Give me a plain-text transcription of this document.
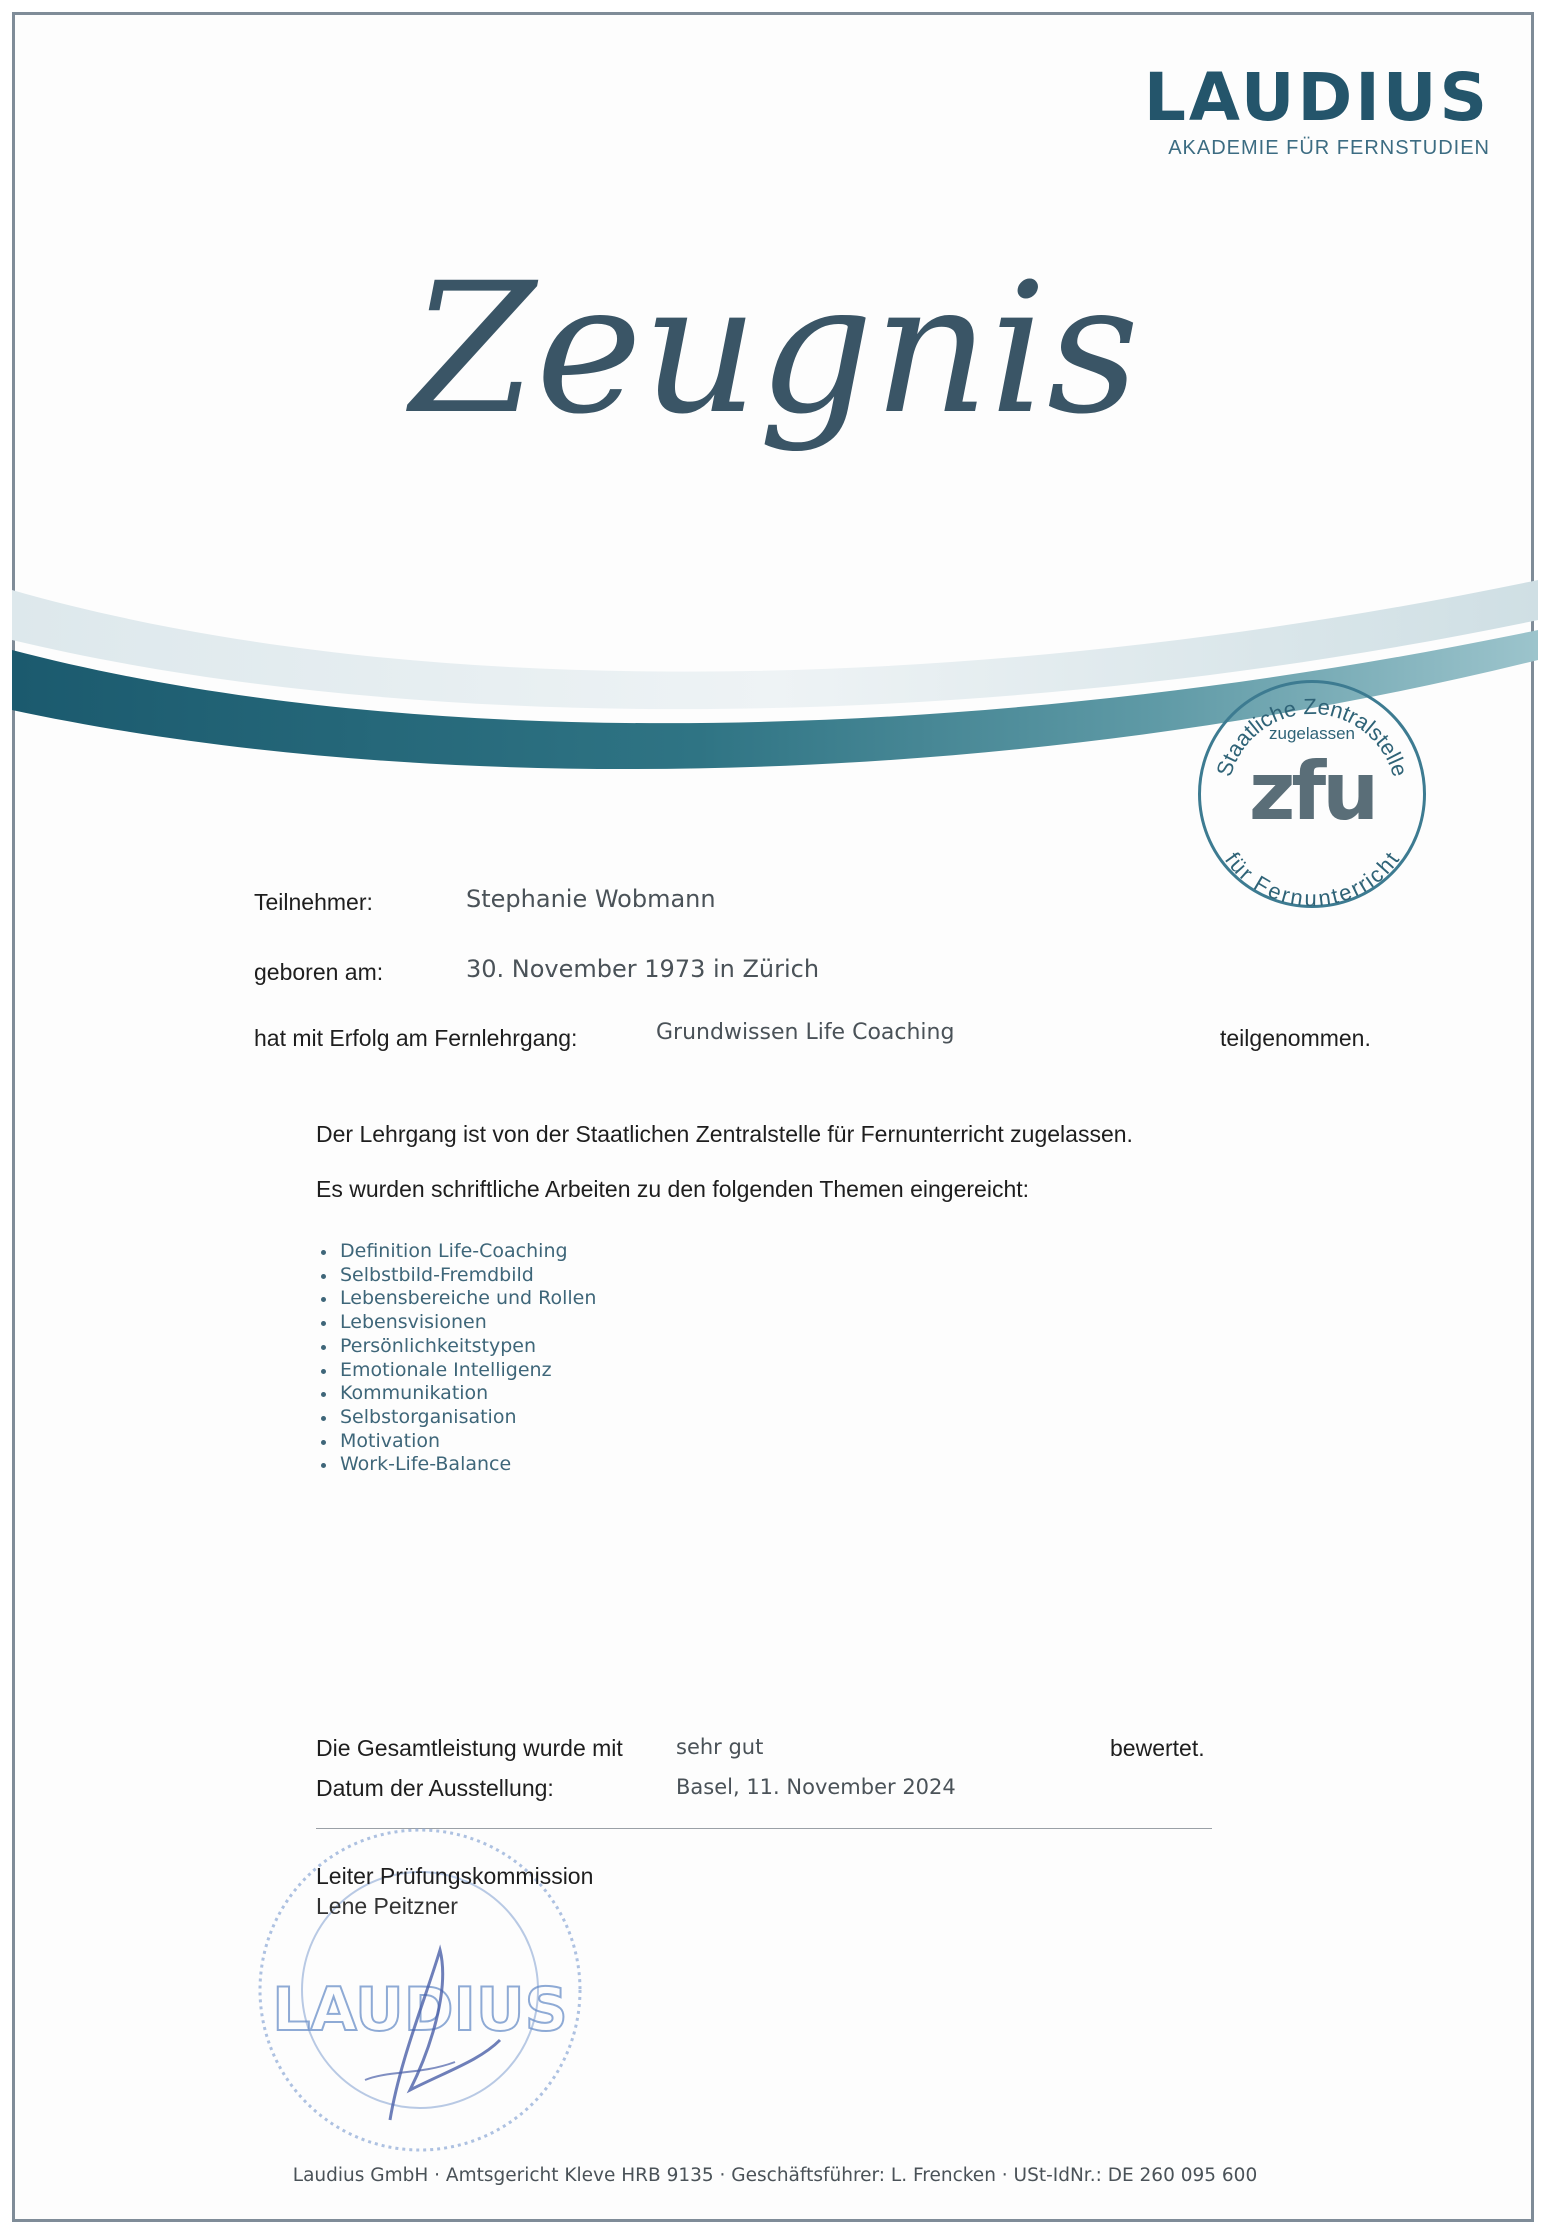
LAUDIUS
AKADEMIE FÜR FERNSTUDIEN
Zeugnis
Staatliche Zentralstelle
für Fernunterricht
zugelassen
zfu
Teilnehmer:	Stephanie Wobmann
geboren am:	30. November 1973 in Zürich
hat mit Erfolg am Fernlehrgang:	Grundwissen Life Coaching	teilgenommen.
Der Lehrgang ist von der Staatlichen Zentralstelle für Fernunterricht zugelassen.
Es wurden schriftliche Arbeiten zu den folgenden Themen eingereicht:
Definition Life-Coaching
Selbstbild-Fremdbild
Lebensbereiche und Rollen
Lebensvisionen
Persönlichkeitstypen
Emotionale Intelligenz
Kommunikation
Selbstorganisation
Motivation
Work-Life-Balance
Die Gesamtleistung wurde mit	sehr gut	bewertet.
Datum der Ausstellung:	Basel, 11. November 2024
LAUDIUS
Leiter Prüfungskommission
Lene Peitzner
Laudius GmbH · Amtsgericht Kleve HRB 9135 · Geschäftsführer: L. Frencken · USt-IdNr.: DE 260 095 600
